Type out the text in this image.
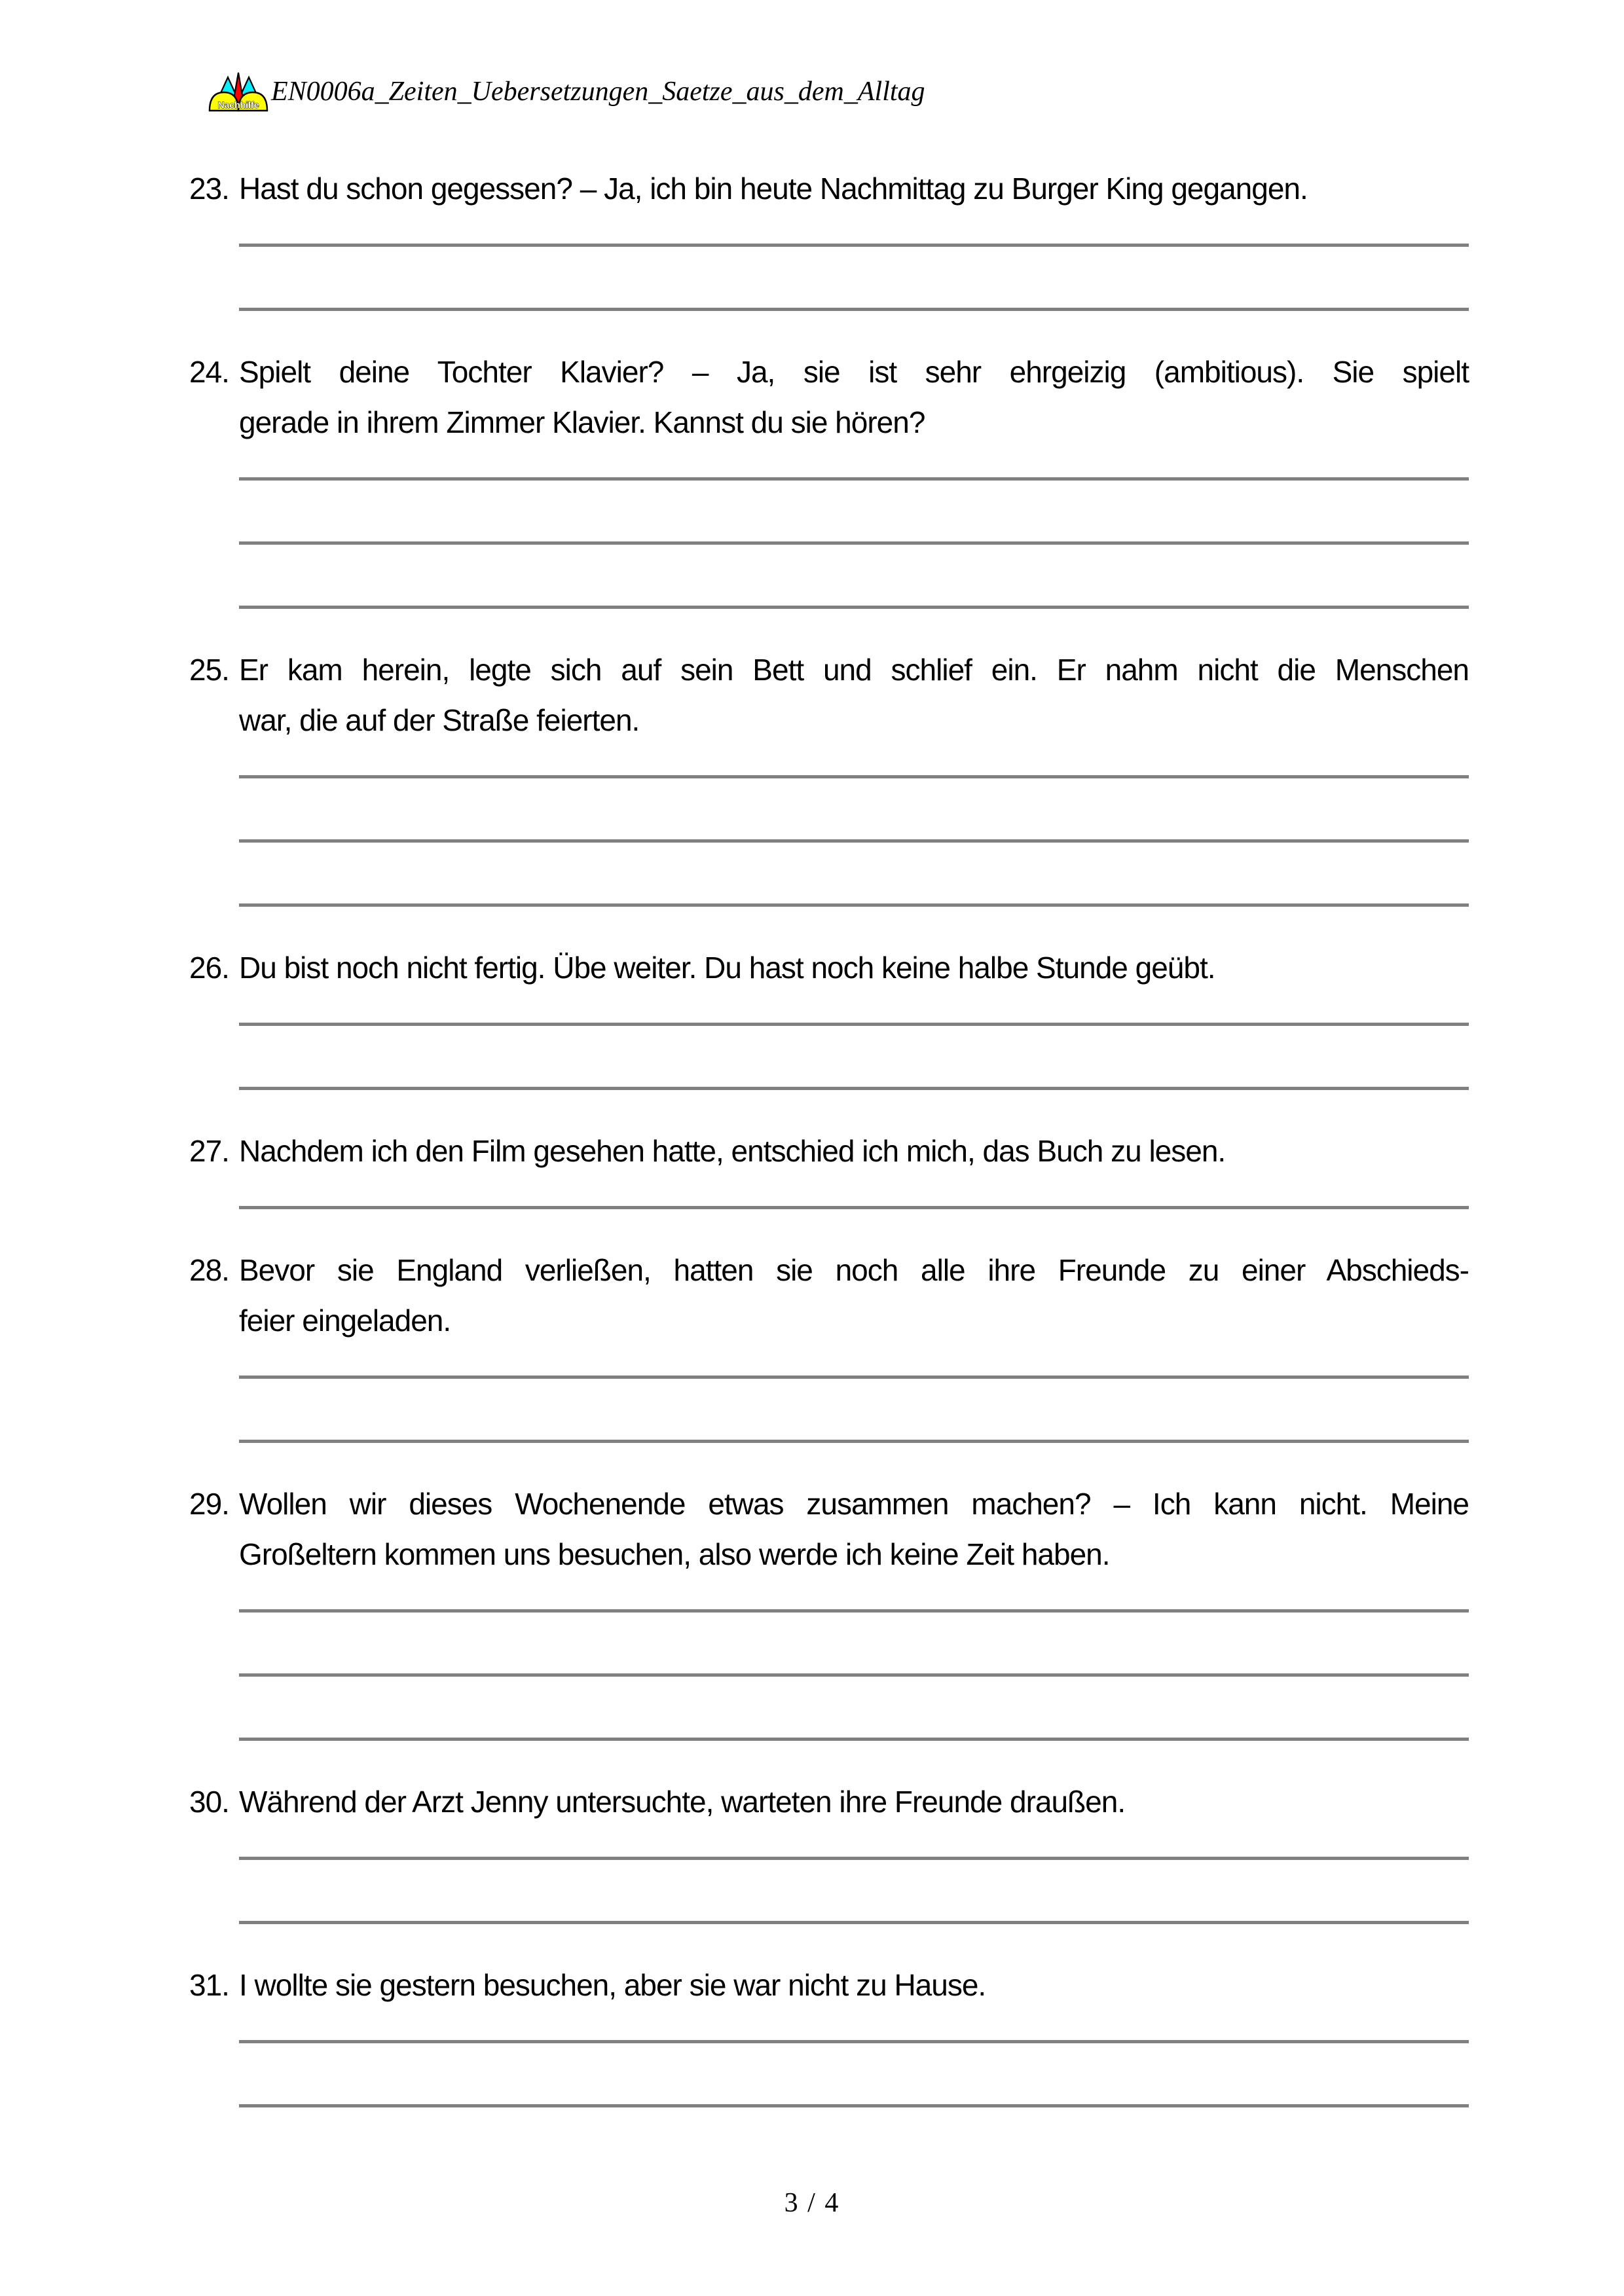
Nachhilfe EN0006a_Zeiten_Uebersetzungen_Saetze_aus_dem_Alltag
23. Hast du schon gegessen? – Ja, ich bin heute Nachmittag zu Burger King gegangen.
24. Spielt deine Tochter Klavier? – Ja, sie ist sehr ehrgeizig (ambitious). Sie spielt
gerade in ihrem Zimmer Klavier. Kannst du sie hören?
25. Er kam herein, legte sich auf sein Bett und schlief ein. Er nahm nicht die Menschen
war, die auf der Straße feierten.
26. Du bist noch nicht fertig. Übe weiter. Du hast noch keine halbe Stunde geübt.
27. Nachdem ich den Film gesehen hatte, entschied ich mich, das Buch zu lesen.
28. Bevor sie England verließen, hatten sie noch alle ihre Freunde zu einer Abschieds-
feier eingeladen.
29. Wollen wir dieses Wochenende etwas zusammen machen? – Ich kann nicht. Meine
Großeltern kommen uns besuchen, also werde ich keine Zeit haben.
30. Während der Arzt Jenny untersuchte, warteten ihre Freunde draußen.
31. I wollte sie gestern besuchen, aber sie war nicht zu Hause.
3 / 4
